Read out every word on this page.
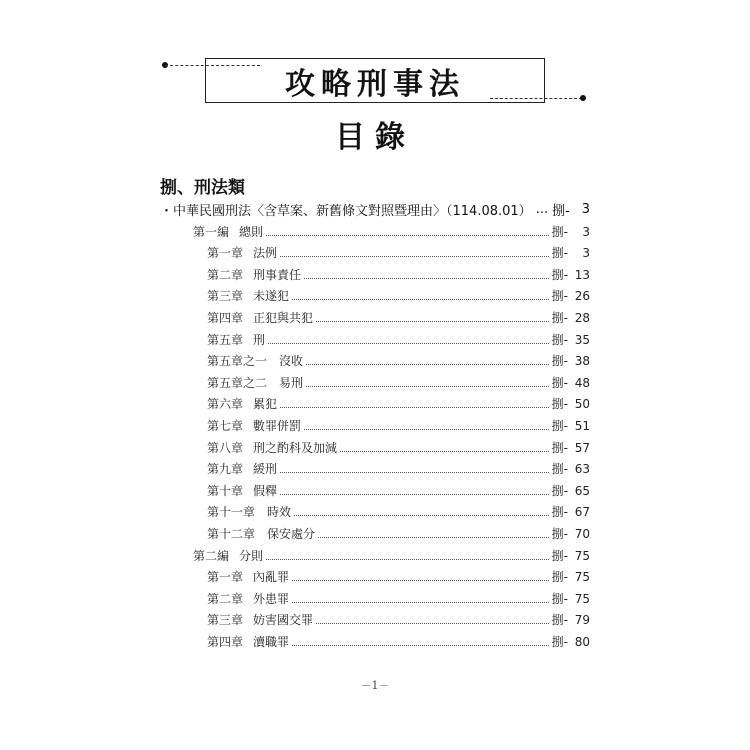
攻略刑事法
目錄
捌、刑法類
・ 中華民國刑法〈含草案、新舊條文對照暨理由〉（114.08.01） ... 捌- 3
第一編 總則	捌- 3
第一章 法例	捌- 3
第二章 刑事責任	捌- 13
第三章 未遂犯	捌- 26
第四章 正犯與共犯	捌- 28
第五章 刑	捌- 35
第五章之一 沒收	捌- 38
第五章之二 易刑	捌- 48
第六章 累犯	捌- 50
第七章 數罪併罰	捌- 51
第八章 刑之酌科及加減	捌- 57
第九章 緩刑	捌- 63
第十章 假釋	捌- 65
第十一章 時效	捌- 67
第十二章 保安處分	捌- 70
第二編 分則	捌- 75
第一章 內亂罪	捌- 75
第二章 外患罪	捌- 75
第三章 妨害國交罪	捌- 79
第四章 瀆職罪	捌- 80
－1－
